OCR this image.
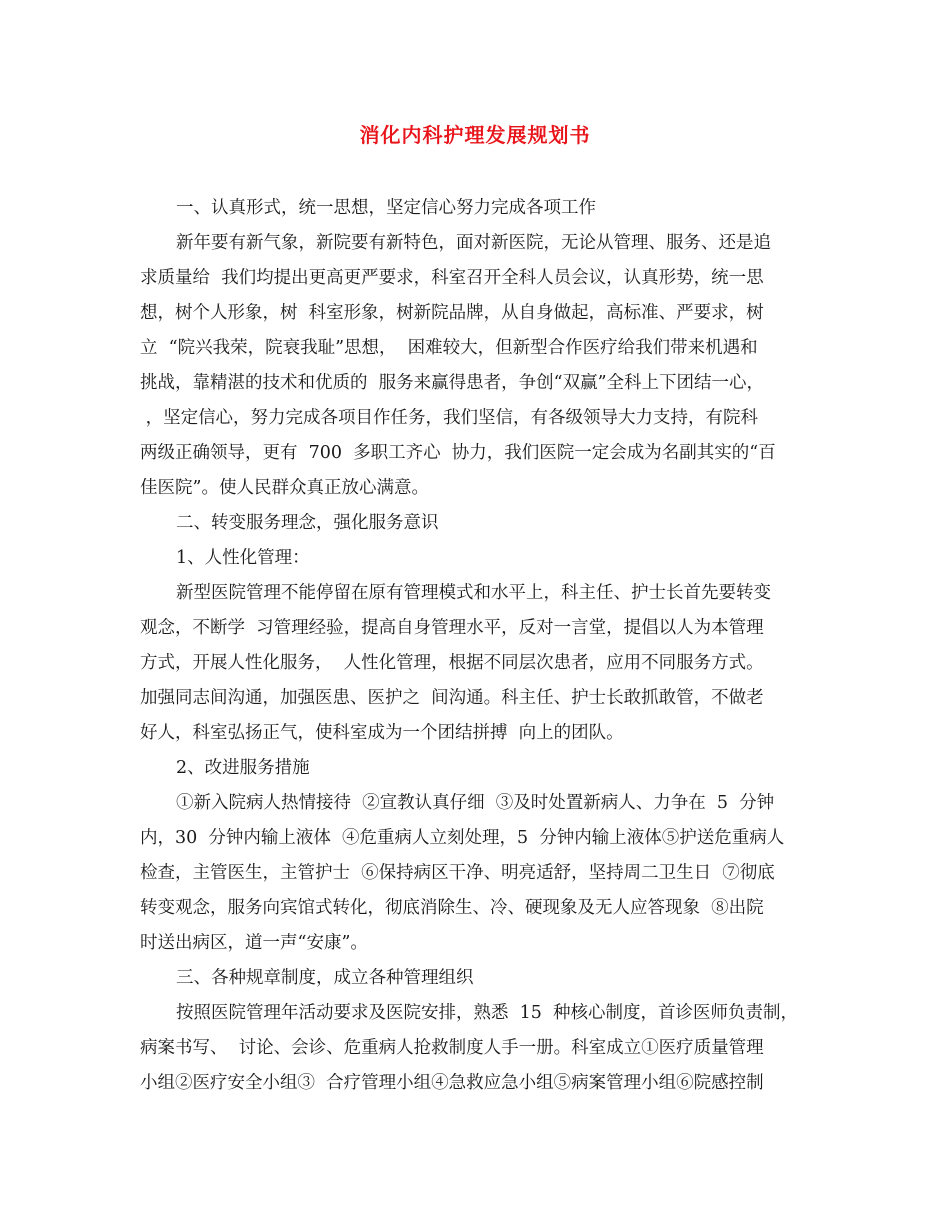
消化内科护理发展规划书
一、认真形式，统一思想，坚定信心努力完成各项工作
新年要有新气象，新院要有新特色，面对新医院，无论从管理、服务、还是追
求质量给  我们均提出更高更严要求，科室召开全科人员会议，认真形势，统一思
想，树个人形象，树  科室形象，树新院品牌，从自身做起，高标准、严要求，树
立  “院兴我荣，院衰我耻”思想，  困难较大，但新型合作医疗给我们带来机遇和
挑战，靠精湛的技术和优质的  服务来赢得患者，争创“双赢”全科上下团结一心，
，坚定信心，努力完成各项目作任务，我们坚信，有各级领导大力支持，有院科
两级正确领导，更有  700  多职工齐心  协力，我们医院一定会成为名副其实的“百
佳医院”。使人民群众真正放心满意。
二、转变服务理念，强化服务意识
1、人性化管理：
新型医院管理不能停留在原有管理模式和水平上，科主任、护士长首先要转变
观念，不断学  习管理经验，提高自身管理水平，反对一言堂，提倡以人为本管理
方式，开展人性化服务，  人性化管理，根据不同层次患者，应用不同服务方式。
加强同志间沟通，加强医患、医护之  间沟通。科主任、护士长敢抓敢管，不做老
好人，科室弘扬正气，使科室成为一个团结拼搏  向上的团队。
2、改进服务措施
①新入院病人热情接待  ②宣教认真仔细  ③及时处置新病人、力争在  5  分钟
内，30  分钟内输上液体  ④危重病人立刻处理，5  分钟内输上液体⑤护送危重病人
检查，主管医生，主管护士  ⑥保持病区干净、明亮适舒，坚持周二卫生日  ⑦彻底
转变观念，服务向宾馆式转化，彻底消除生、冷、硬现象及无人应答现象  ⑧出院
时送出病区，道一声“安康”。
三、各种规章制度，成立各种管理组织
按照医院管理年活动要求及医院安排，熟悉  15  种核心制度，首诊医师负责制，
病案书写、  讨论、会诊、危重病人抢救制度人手一册。科室成立①医疗质量管理
小组②医疗安全小组③  合疗管理小组④急救应急小组⑤病案管理小组⑥院感控制
